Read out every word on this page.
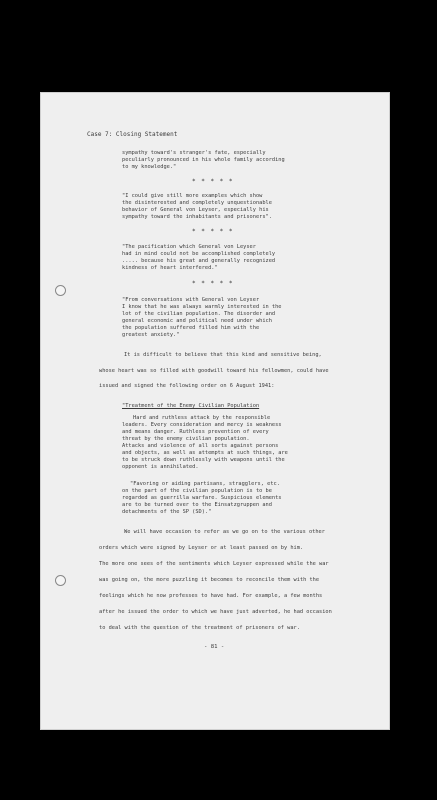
Case 7: Closing Statement
sympathy toward's stranger's fate, especially
peculiarly pronounced in his whole family according
to my knowledge."
* * * * *
"I could give still more examples which show
the disinterested and completely unquestionable
behavior of General von Leyser, especially his
sympathy toward the inhabitants and prisoners".
* * * * *
"The pacification which General von Leyser
had in mind could not be accomplished completely
..... because his great and generally recognized
kindness of heart interfered."
* * * * *
"From conversations with General von Leyser
I know that he was always warmly interested in the
lot of the civilian population. The disorder and
general economic and political need under which
the population suffered filled him with the
greatest anxiety."
It is difficult to believe that this kind and sensitive being,
whose heart was so filled with goodwill toward his fellowmen, could have
issued and signed the following order on 6 August 1941:
"Treatment of the Enemy Civilian Population
Hard and ruthless attack by the responsible
leaders. Every consideration and mercy is weakness
and means danger. Ruthless prevention of every
threat by the enemy civilian population.
Attacks and violence of all sorts against persons
and objects, as well as attempts at such things, are
to be struck down ruthlessly with weapons until the
opponent is annihilated.
"Favoring or aiding partisans, stragglers, etc.
on the part of the civilian population is to be
regarded as guerrilla warfare. Suspicious elements
are to be turned over to the Einsatzgruppen and
detachments of the SP (SD)."
We will have occasion to refer as we go on to the various other
orders which were signed by Leyser or at least passed on by him.
The more one sees of the sentiments which Leyser expressed while the war
was going on, the more puzzling it becomes to reconcile them with the
feelings which he now professes to have had. For example, a few months
after he issued the order to which we have just adverted, he had occasion
to deal with the question of the treatment of prisoners of war.
- 81 -
